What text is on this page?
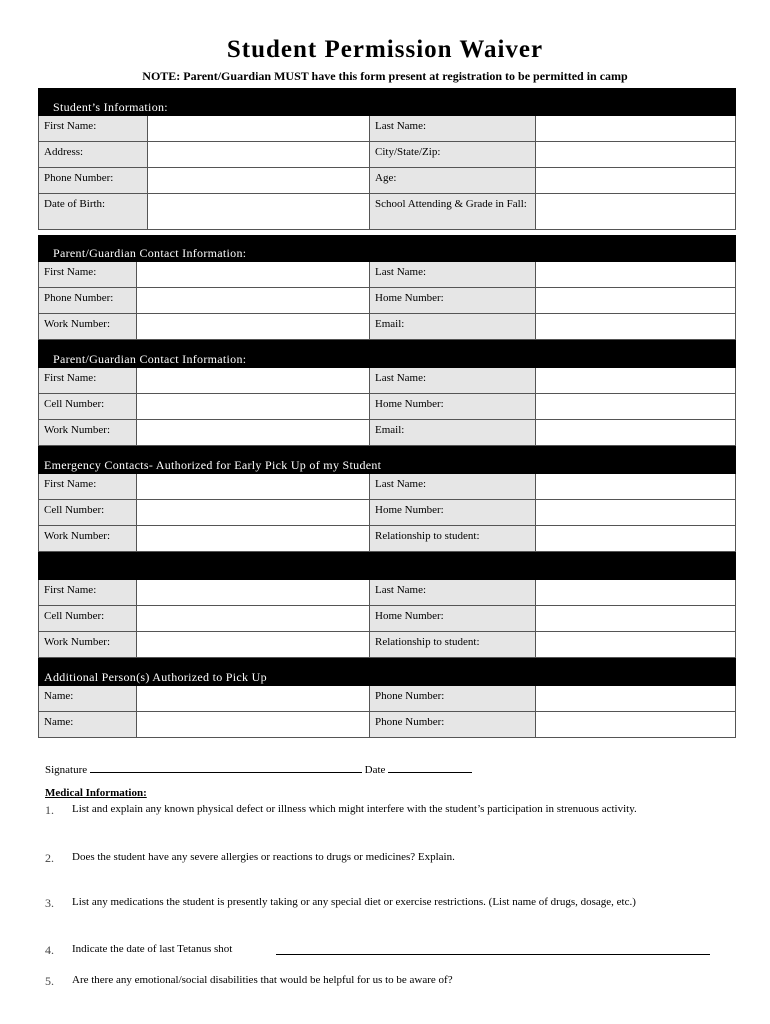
Student Permission Waiver
NOTE: Parent/Guardian MUST have this form present at registration to be permitted in camp
Student’s Information:
First Name:	Last Name:
Address:	City/State/Zip:
Phone Number:	Age:
Date of Birth:	School Attending & Grade in Fall:
Parent/Guardian Contact Information:
First Name:	Last Name:
Phone Number:	Home Number:
Work Number:	Email:
Parent/Guardian Contact Information:
First Name:	Last Name:
Cell Number:	Home Number:
Work Number:	Email:
Emergency Contacts- Authorized for Early Pick Up of my Student
First Name:	Last Name:
Cell Number:	Home Number:
Work Number:	Relationship to student:
First Name:	Last Name:
Cell Number:	Home Number:
Work Number:	Relationship to student:
Additional Person(s) Authorized to Pick Up
Name:	Phone Number:
Name:	Phone Number:
Signature	Date
Medical Information:
1.	List and explain any known physical defect or illness which might interfere with the student’s participation in strenuous activity.
2.	Does the student have any severe allergies or reactions to drugs or medicines? Explain.
3.	List any medications the student is presently taking or any special diet or exercise restrictions. (List name of drugs, dosage, etc.)
4.	Indicate the date of last Tetanus shot
5.	Are there any emotional/social disabilities that would be helpful for us to be aware of?
